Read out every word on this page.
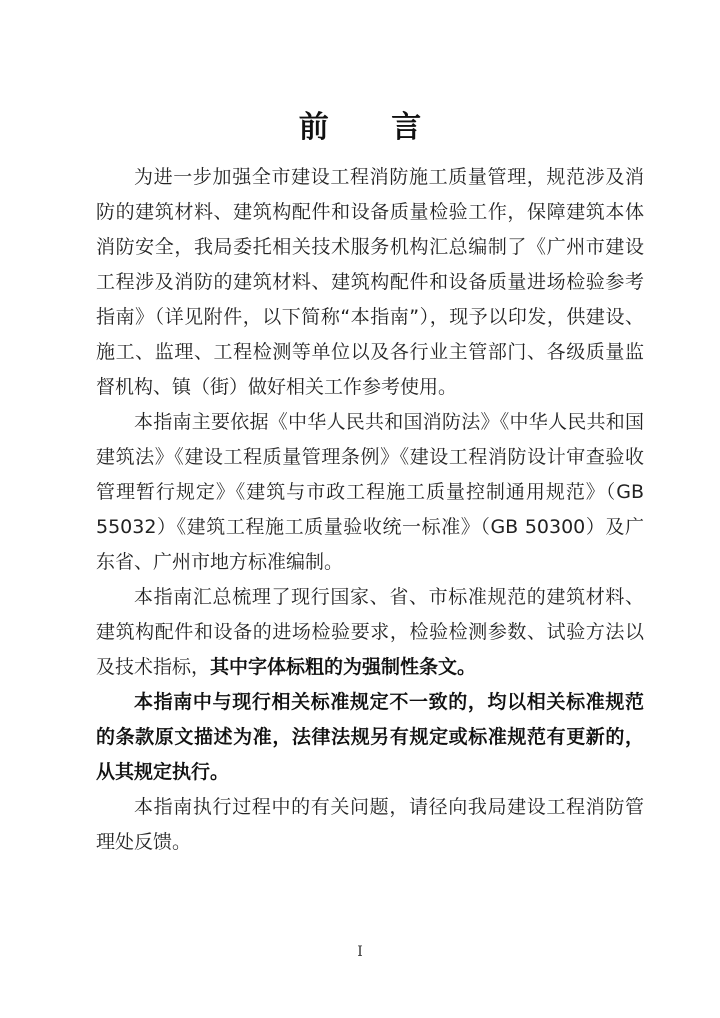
前 言

为进一步加强全市建设工程消防施工质量管理，规范涉及消防的建筑材料、建筑构配件和设备质量检验工作，保障建筑本体消防安全，我局委托相关技术服务机构汇总编制了《广州市建设工程涉及消防的建筑材料、建筑构配件和设备质量进场检验参考指南》（详见附件，以下简称“本指南”），现予以印发，供建设、施工、监理、工程检测等单位以及各行业主管部门、各级质量监督机构、镇（街）做好相关工作参考使用。

本指南主要依据《中华人民共和国消防法》《中华人民共和国建筑法》《建设工程质量管理条例》《建设工程消防设计审查验收管理暂行规定》《建筑与市政工程施工质量控制通用规范》（GB 55032）《建筑工程施工质量验收统一标准》（GB 50300）及广东省、广州市地方标准编制。

本指南汇总梳理了现行国家、省、市标准规范的建筑材料、建筑构配件和设备的进场检验要求，检验检测参数、试验方法以及技术指标，其中字体标粗的为强制性条文。

本指南中与现行相关标准规定不一致的，均以相关标准规范的条款原文描述为准，法律法规另有规定或标准规范有更新的，从其规定执行。

本指南执行过程中的有关问题，请径向我局建设工程消防管理处反馈。

I
